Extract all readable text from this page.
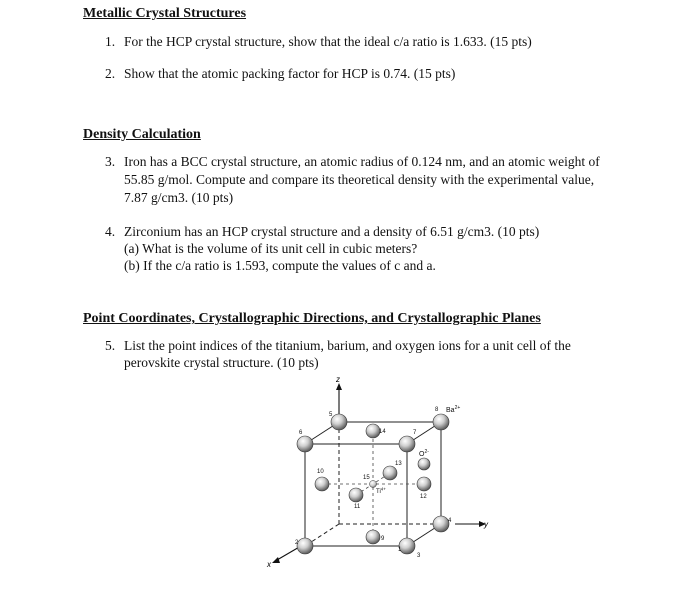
Metallic Crystal Structures
1. For the HCP crystal structure, show that the ideal c/a ratio is 1.633. (15 pts)
2. Show that the atomic packing factor for HCP is 0.74. (15 pts)
Density Calculation
3. Iron has a BCC crystal structure, an atomic radius of 0.124 nm, and an atomic weight of
55.85 g/mol. Compute and compare its theoretical density with the experimental value,
7.87 g/cm3. (10 pts)
4. Zirconium has an HCP crystal structure and a density of 6.51 g/cm3. (10 pts)
(a) What is the volume of its unit cell in cubic meters?
(b) If the c/a ratio is 1.593, compute the values of c and a.
Point Coordinates, Crystallographic Directions, and Crystallographic Planes
5. List the point indices of the titanium, barium, and oxygen ions for a unit cell of the
perovskite crystal structure. (10 pts)
z
y
x
1
2
3
4
5
6	7
8
9
10
11
12
13
14
15
$Ba^{2+}$
$O^{2-}$
$Ti^{4+}$
